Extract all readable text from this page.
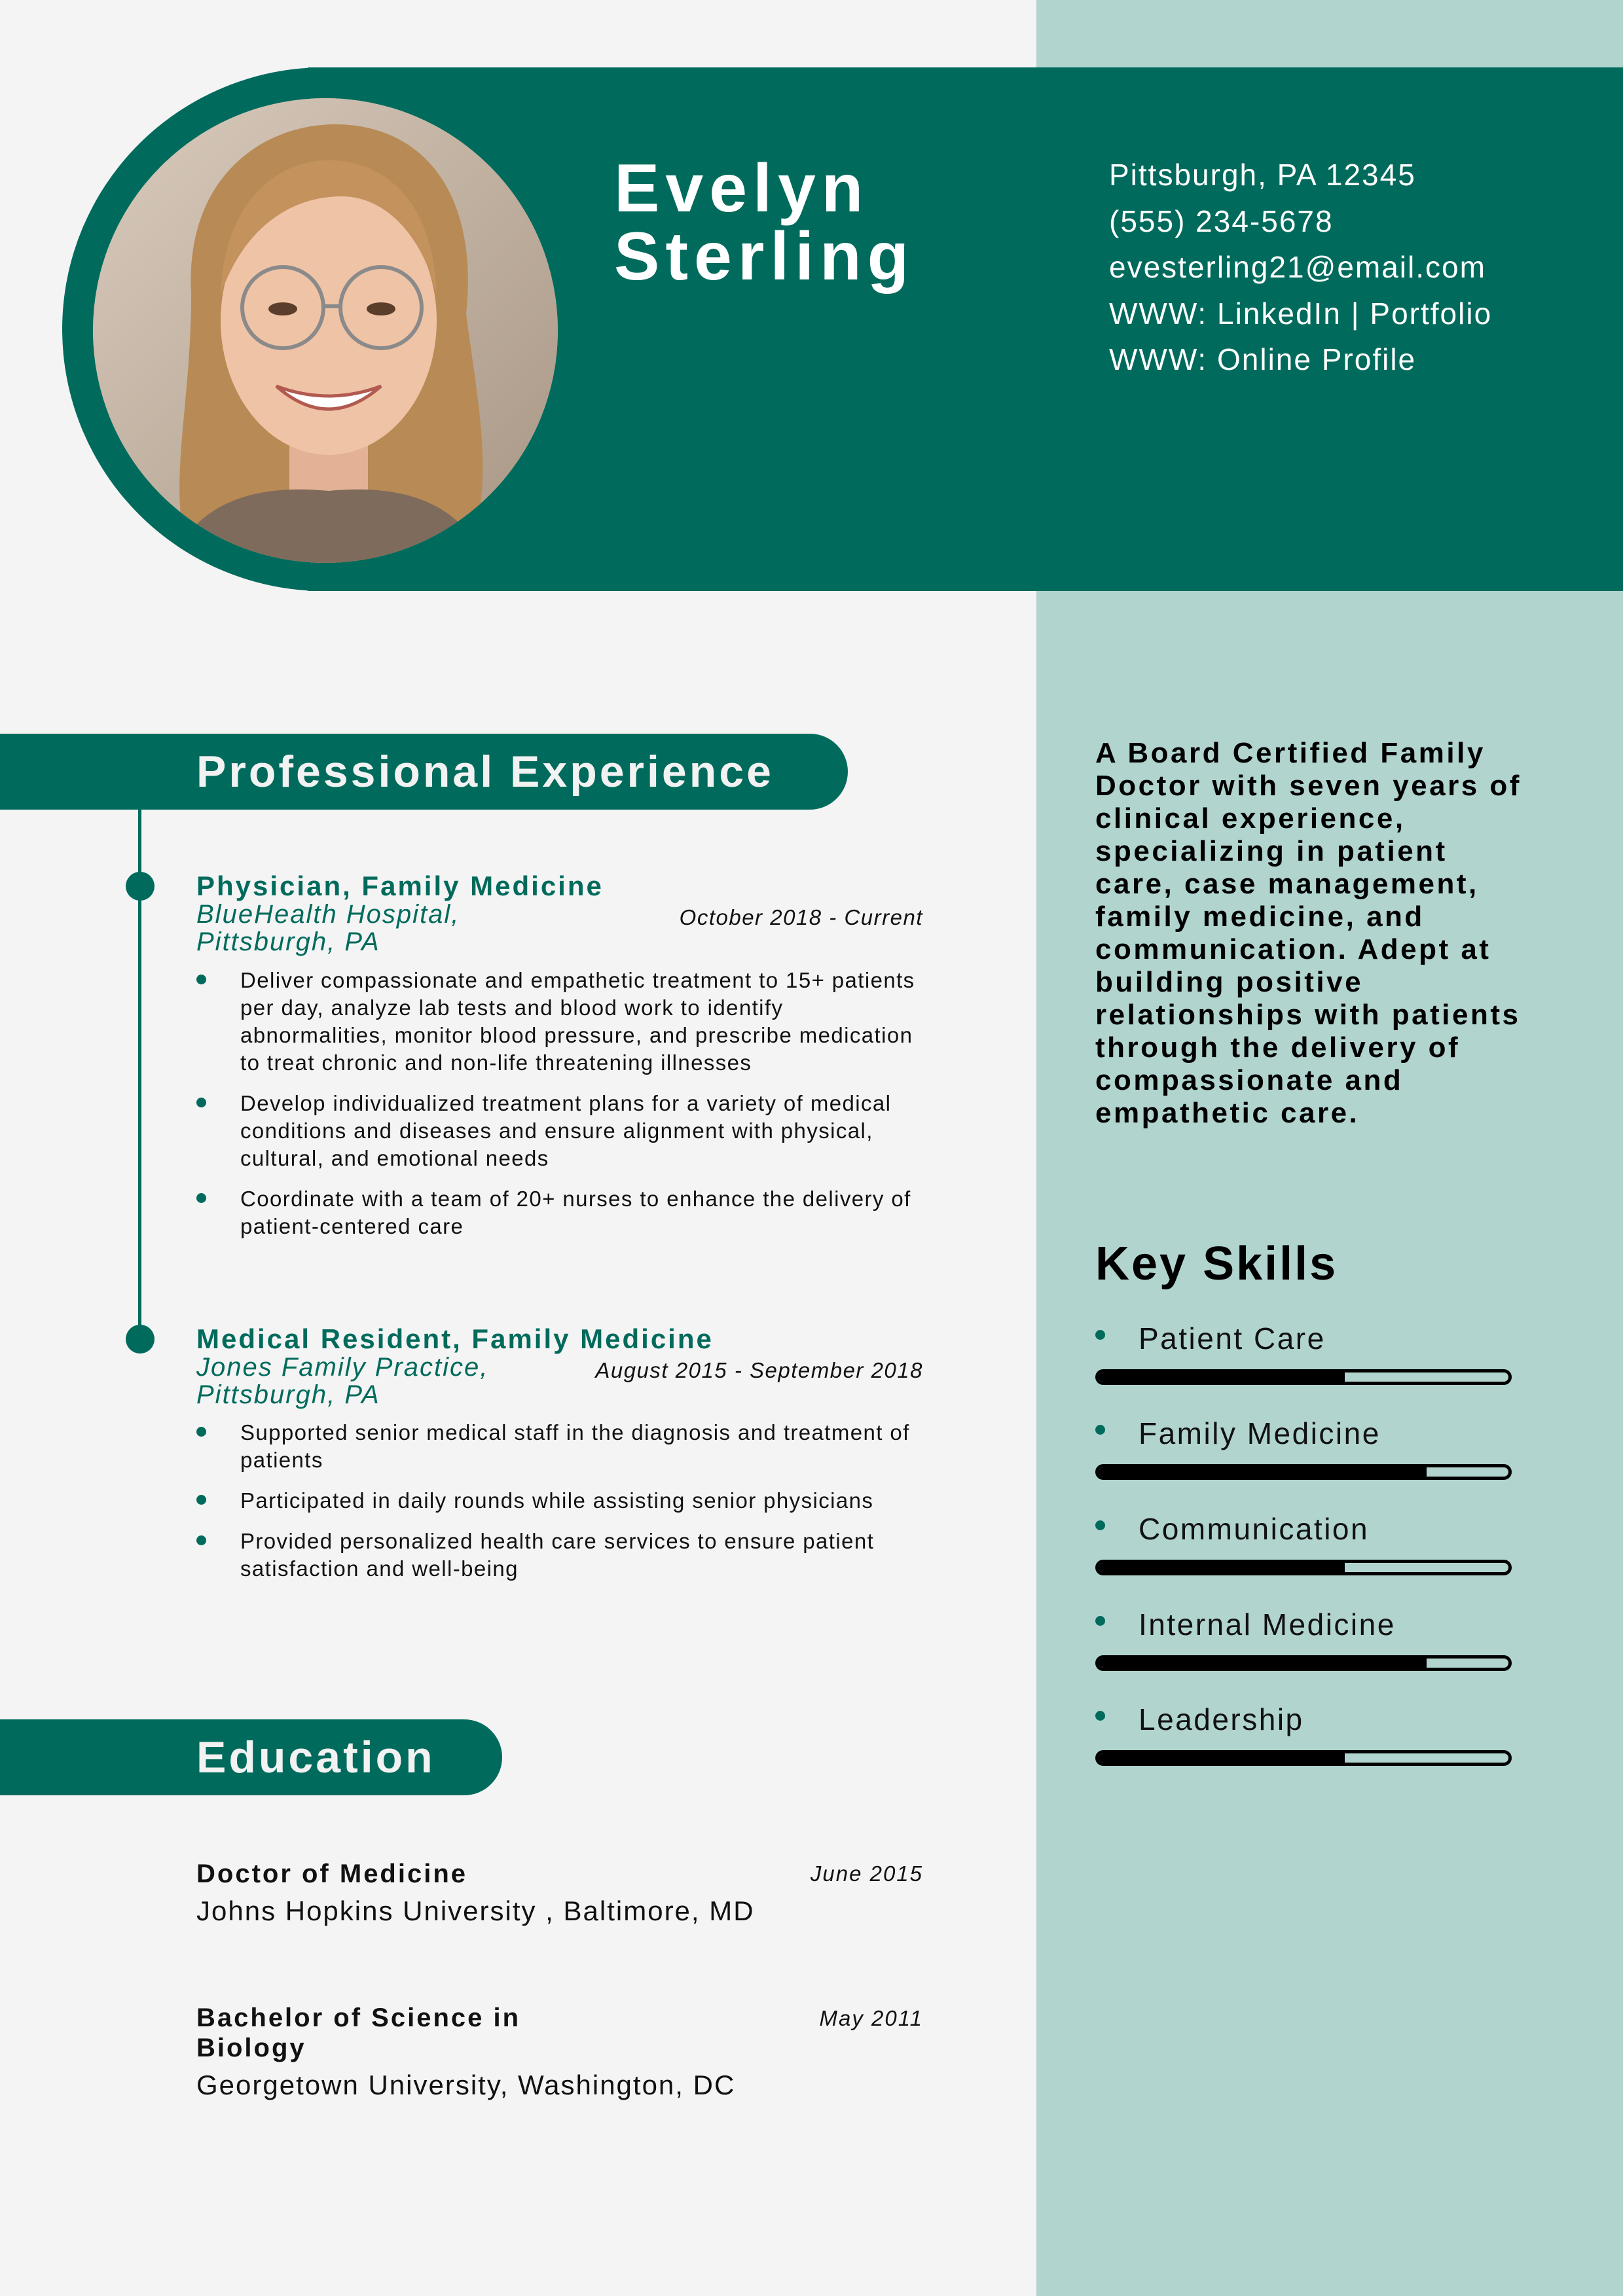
Evelyn
Sterling
Pittsburgh, PA 12345
(555) 234-5678
evesterling21@email.com
WWW: LinkedIn | Portfolio
WWW: Online Profile
Professional Experience
Physician, Family Medicine
BlueHealth Hospital,
Pittsburgh, PA
October 2018 - Current
Deliver compassionate and empathetic treatment to 15+ patients per day, analyze lab tests and blood work to identify abnormalities, monitor blood pressure, and prescribe medication to treat chronic and non-life threatening illnesses
Develop individualized treatment plans for a variety of medical conditions and diseases and ensure alignment with physical, cultural, and emotional needs
Coordinate with a team of 20+ nurses to enhance the delivery of patient-centered care
Medical Resident, Family Medicine
Jones Family Practice,
Pittsburgh, PA
August 2015 - September 2018
Supported senior medical staff in the diagnosis and treatment of patients
Participated in daily rounds while assisting senior physicians
Provided personalized health care services to ensure patient satisfaction and well-being
Education
Doctor of Medicine	June 2015
Johns Hopkins University , Baltimore, MD
Bachelor of Science in Biology
May 2011
Georgetown University, Washington, DC
A Board Certified Family Doctor with seven years of clinical experience, specializing in patient care, case management, family medicine, and communication. Adept at building positive relationships with patients through the delivery of compassionate and empathetic care.
Key Skills
Patient Care
Family Medicine
Communication
Internal Medicine
Leadership
